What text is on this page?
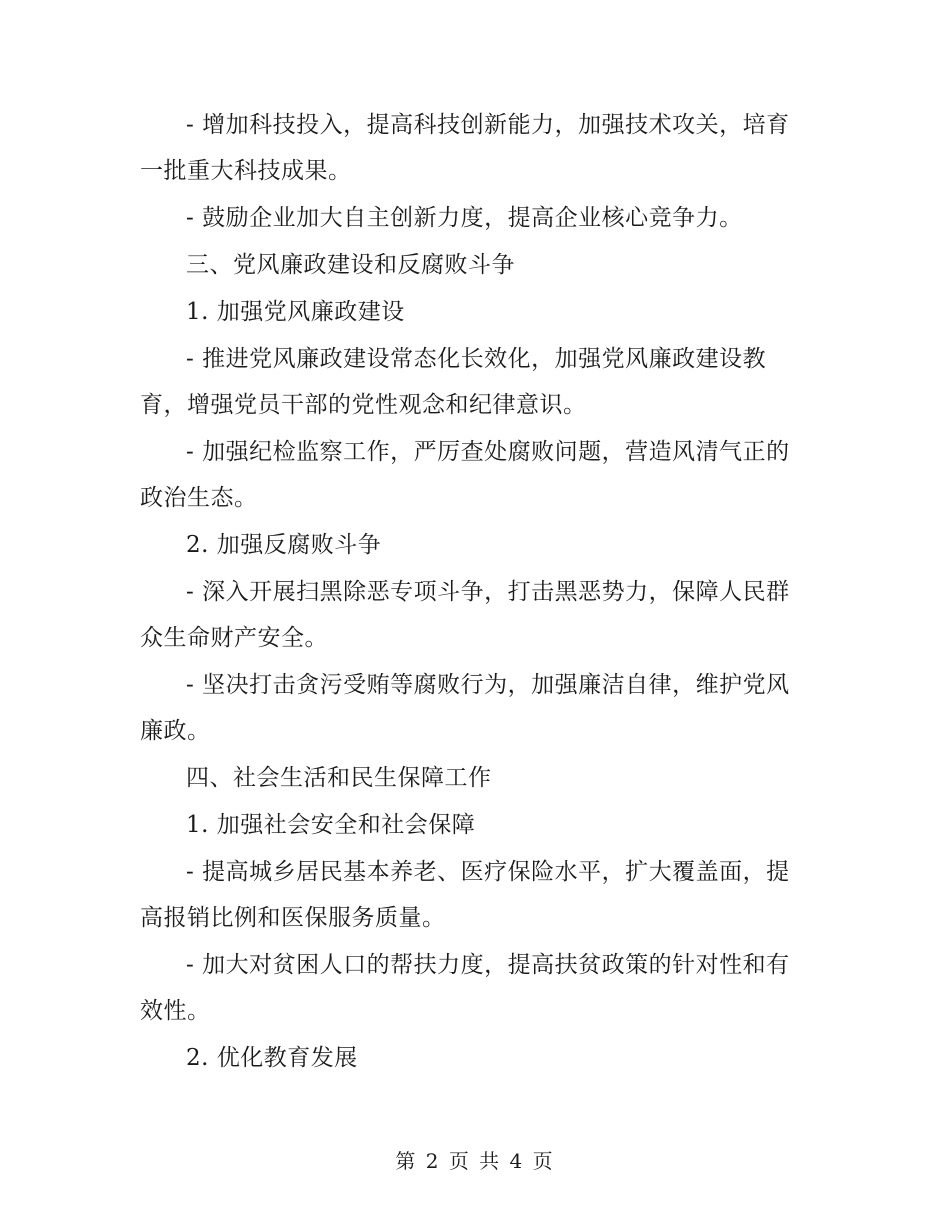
- 增加科技投入，提高科技创新能力，加强技术攻关，培育一批重大科技成果。

- 鼓励企业加大自主创新力度，提高企业核心竞争力。

三、党风廉政建设和反腐败斗争

1. 加强党风廉政建设

- 推进党风廉政建设常态化长效化，加强党风廉政建设教育，增强党员干部的党性观念和纪律意识。

- 加强纪检监察工作，严厉查处腐败问题，营造风清气正的政治生态。

2. 加强反腐败斗争

- 深入开展扫黑除恶专项斗争，打击黑恶势力，保障人民群众生命财产安全。

- 坚决打击贪污受贿等腐败行为，加强廉洁自律，维护党风廉政。

四、社会生活和民生保障工作

1. 加强社会安全和社会保障

- 提高城乡居民基本养老、医疗保险水平，扩大覆盖面，提高报销比例和医保服务质量。

- 加大对贫困人口的帮扶力度，提高扶贫政策的针对性和有效性。

2. 优化教育发展

第 2 页 共 4 页
